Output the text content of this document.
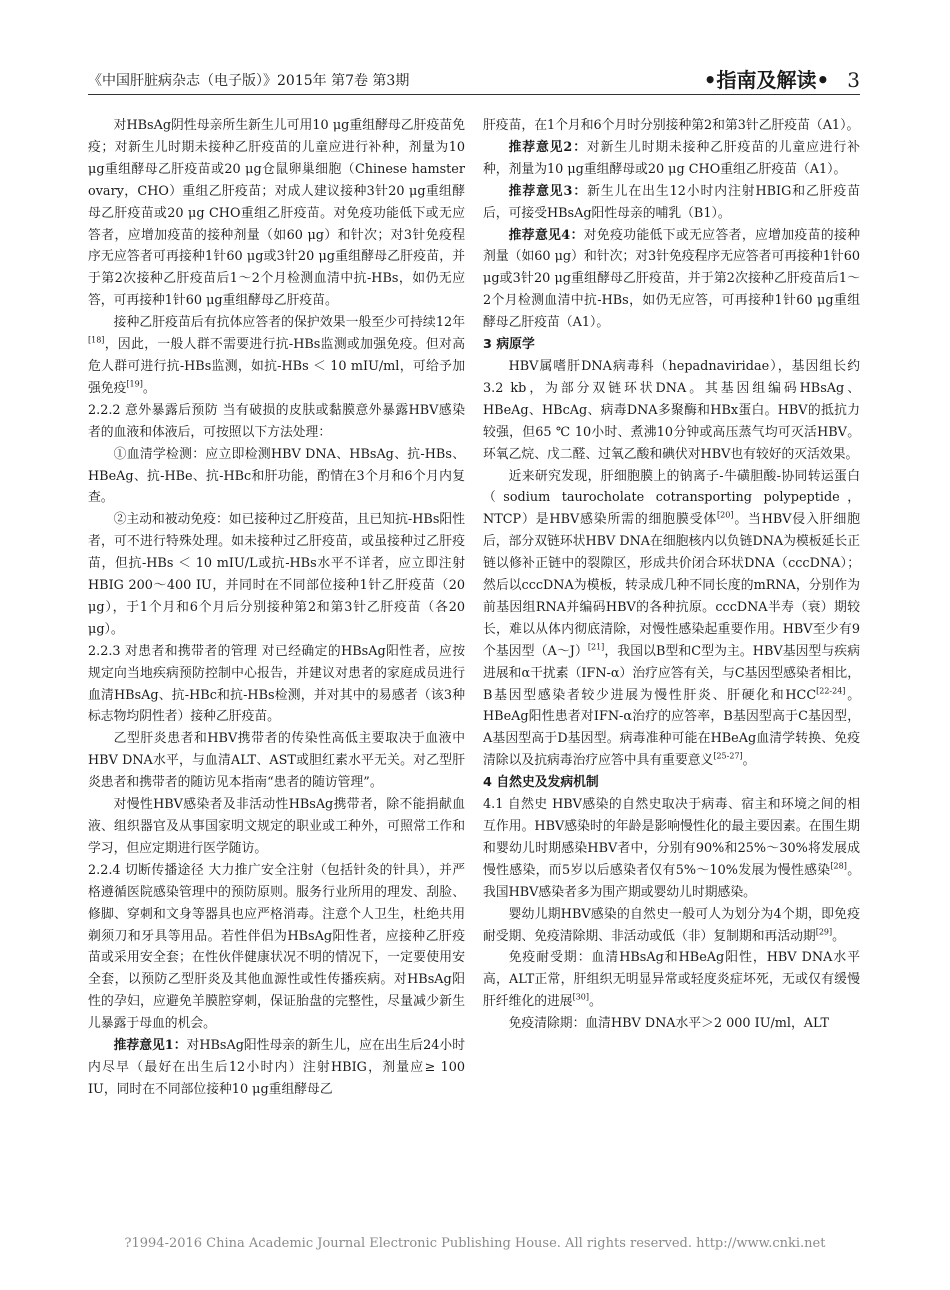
《中国肝脏病杂志（电子版）》2015年 第7卷 第3期	•指南及解读• 3

对HBsAg阴性母亲所生新生儿可用10 μg重组酵母乙肝疫苗免疫；对新生儿时期未接种乙肝疫苗的儿童应进行补种，剂量为10 μg重组酵母乙肝疫苗或20 μg仓鼠卵巢细胞（Chinese hamster ovary，CHO）重组乙肝疫苗；对成人建议接种3针20 μg重组酵母乙肝疫苗或20 μg CHO重组乙肝疫苗。对免疫功能低下或无应答者，应增加疫苗的接种剂量（如60 μg）和针次；对3针免疫程序无应答者可再接种1针60 μg或3针20 μg重组酵母乙肝疫苗，并于第2次接种乙肝疫苗后1～2个月检测血清中抗-HBs，如仍无应答，可再接种1针60 μg重组酵母乙肝疫苗。

接种乙肝疫苗后有抗体应答者的保护效果一般至少可持续12年[18]，因此，一般人群不需要进行抗-HBs监测或加强免疫。但对高危人群可进行抗-HBs监测，如抗-HBs ＜ 10 mIU/ml，可给予加强免疫[19]。

2.2.2 意外暴露后预防 当有破损的皮肤或黏膜意外暴露HBV感染者的血液和体液后，可按照以下方法处理：

①血清学检测：应立即检测HBV DNA、HBsAg、抗-HBs、HBeAg、抗-HBe、抗-HBc和肝功能，酌情在3个月和6个月内复查。

②主动和被动免疫：如已接种过乙肝疫苗，且已知抗-HBs阳性者，可不进行特殊处理。如未接种过乙肝疫苗，或虽接种过乙肝疫苗，但抗-HBs ＜ 10 mIU/L或抗-HBs水平不详者，应立即注射HBIG 200～400 IU，并同时在不同部位接种1针乙肝疫苗（20 μg），于1个月和6个月后分别接种第2和第3针乙肝疫苗（各20 μg）。

2.2.3 对患者和携带者的管理 对已经确定的HBsAg阳性者，应按规定向当地疾病预防控制中心报告，并建议对患者的家庭成员进行血清HBsAg、抗-HBc和抗-HBs检测，并对其中的易感者（该3种标志物均阴性者）接种乙肝疫苗。

乙型肝炎患者和HBV携带者的传染性高低主要取决于血液中HBV DNA水平，与血清ALT、AST或胆红素水平无关。对乙型肝炎患者和携带者的随访见本指南“患者的随访管理”。

对慢性HBV感染者及非活动性HBsAg携带者，除不能捐献血液、组织器官及从事国家明文规定的职业或工种外，可照常工作和学习，但应定期进行医学随访。

2.2.4 切断传播途径 大力推广安全注射（包括针灸的针具），并严格遵循医院感染管理中的预防原则。服务行业所用的理发、刮脸、修脚、穿刺和文身等器具也应严格消毒。注意个人卫生，杜绝共用剃须刀和牙具等用品。若性伴侣为HBsAg阳性者，应接种乙肝疫苗或采用安全套；在性伙伴健康状况不明的情况下，一定要使用安全套，以预防乙型肝炎及其他血源性或性传播疾病。对HBsAg阳性的孕妇，应避免羊膜腔穿刺，保证胎盘的完整性，尽量减少新生儿暴露于母血的机会。

推荐意见1：对HBsAg阳性母亲的新生儿，应在出生后24小时内尽早（最好在出生后12小时内）注射HBIG，剂量应≥ 100 IU，同时在不同部位接种10 μg重组酵母乙

肝疫苗，在1个月和6个月时分别接种第2和第3针乙肝疫苗（A1）。

推荐意见2：对新生儿时期未接种乙肝疫苗的儿童应进行补种，剂量为10 μg重组酵母或20 μg CHO重组乙肝疫苗（A1）。

推荐意见3：新生儿在出生12小时内注射HBIG和乙肝疫苗后，可接受HBsAg阳性母亲的哺乳（B1）。

推荐意见4：对免疫功能低下或无应答者，应增加疫苗的接种剂量（如60 μg）和针次；对3针免疫程序无应答者可再接种1针60 μg或3针20 μg重组酵母乙肝疫苗，并于第2次接种乙肝疫苗后1～2个月检测血清中抗-HBs，如仍无应答，可再接种1针60 μg重组酵母乙肝疫苗（A1）。

3 病原学

HBV属嗜肝DNA病毒科（hepadnaviridae），基因组长约3.2 kb，为部分双链环状DNA。其基因组编码HBsAg、HBeAg、HBcAg、病毒DNA多聚酶和HBx蛋白。HBV的抵抗力较强，但65 ℃ 10小时、煮沸10分钟或高压蒸气均可灭活HBV。环氧乙烷、戊二醛、过氧乙酸和碘伏对HBV也有较好的灭活效果。

近来研究发现，肝细胞膜上的钠离子-牛磺胆酸-协同转运蛋白（sodium taurocholate cotransporting polypeptide，NTCP）是HBV感染所需的细胞膜受体[20]。当HBV侵入肝细胞后，部分双链环状HBV DNA在细胞核内以负链DNA为模板延长正链以修补正链中的裂隙区，形成共价闭合环状DNA（cccDNA）；然后以cccDNA为模板，转录成几种不同长度的mRNA，分别作为前基因组RNA并编码HBV的各种抗原。cccDNA半寿（衰）期较长，难以从体内彻底清除，对慢性感染起重要作用。HBV至少有9个基因型（A～J）[21]，我国以B型和C型为主。HBV基因型与疾病进展和α干扰素（IFN-α）治疗应答有关，与C基因型感染者相比，B基因型感染者较少进展为慢性肝炎、肝硬化和HCC[22-24]。HBeAg阳性患者对IFN-α治疗的应答率，B基因型高于C基因型，A基因型高于D基因型。病毒准种可能在HBeAg血清学转换、免疫清除以及抗病毒治疗应答中具有重要意义[25-27]。

4 自然史及发病机制

4.1 自然史 HBV感染的自然史取决于病毒、宿主和环境之间的相互作用。HBV感染时的年龄是影响慢性化的最主要因素。在围生期和婴幼儿时期感染HBV者中，分别有90%和25%～30%将发展成慢性感染，而5岁以后感染者仅有5%～10%发展为慢性感染[28]。我国HBV感染者多为围产期或婴幼儿时期感染。

婴幼儿期HBV感染的自然史一般可人为划分为4个期，即免疫耐受期、免疫清除期、非活动或低（非）复制期和再活动期[29]。

免疫耐受期：血清HBsAg和HBeAg阳性，HBV DNA水平高，ALT正常，肝组织无明显异常或轻度炎症坏死，无或仅有缓慢肝纤维化的进展[30]。

免疫清除期：血清HBV DNA水平＞2 000 IU/ml，ALT

?1994-2016 China Academic Journal Electronic Publishing House. All rights reserved. http://www.cnki.net
